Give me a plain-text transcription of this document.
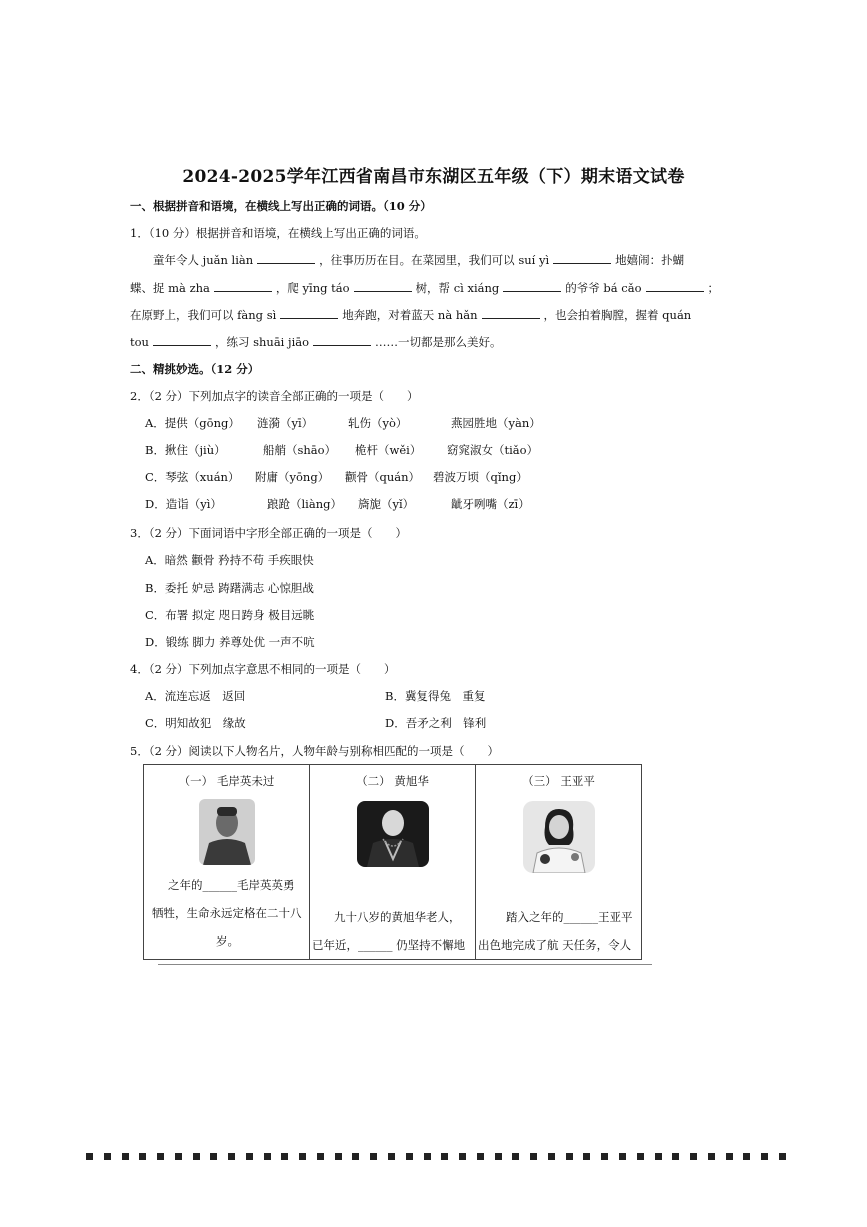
2024-2025学年江西省南昌市东湖区五年级（下）期末语文试卷
一、根据拼音和语境，在横线上写出正确的词语。（10 分）
1．（10 分）根据拼音和语境，在横线上写出正确的词语。
童年令人 juǎn liàn	，往事历历在目。在菜园里，我们可以 suí yì	地嬉闹：扑蝴
蝶、捉 mà zha	，爬 yīng táo	树，帮 cì xiáng	的爷爷 bá cǎo	；
在原野上，我们可以 fàng sì	地奔跑，对着蓝天 nà hǎn	，也会拍着胸膛，握着 quán
tou	，练习 shuāi jiāo	……一切都是那么美好。
二、精挑妙选。（12 分）
2．（2 分）下列加点字的读音全部正确的一项是（　　）
A．提供（gōng） 涟漪（yī）	轧伤（yò）	燕园胜地（yàn）
B．揪住（jiù）	船艄（shāo） 桅杆（wěi） 窈窕淑女（tiǎo）
C．琴弦（xuán） 附庸（yōng） 颧骨（quán） 碧波万顷（qǐng）
D．造诣（yì）	踉跄（liàng） 旖旎（yǐ）	龇牙咧嘴（zī）
3．（2 分）下面词语中字形全部正确的一项是（　　）
A．暗然 颧骨 矜持不苟 手疾眼快
B．委托 妒忌 踌躇满志 心惊胆战
C．布署 拟定 咫日跨身 极目远眺
D．锻练 脚力 养尊处优 一声不吭
4．（2 分）下列加点字意思不相同的一项是（　　）
A．流连忘返　返回	B．冀复得兔　重复
C．明知故犯　缘故	D．吾矛之利　锋利
5．（2 分）阅读以下人物名片，人物年龄与别称相匹配的一项是（　　）
（一） 毛岸英未过
之年的______毛岸英英勇
牺牲，生命永远定格在二十八
岁。

（二） 黄旭华
九十八岁的黄旭华老人，
已年近，______ 仍坚持不懈地

（三） 王亚平
踏入之年的______王亚平
出色地完成了航 天任务，令人
